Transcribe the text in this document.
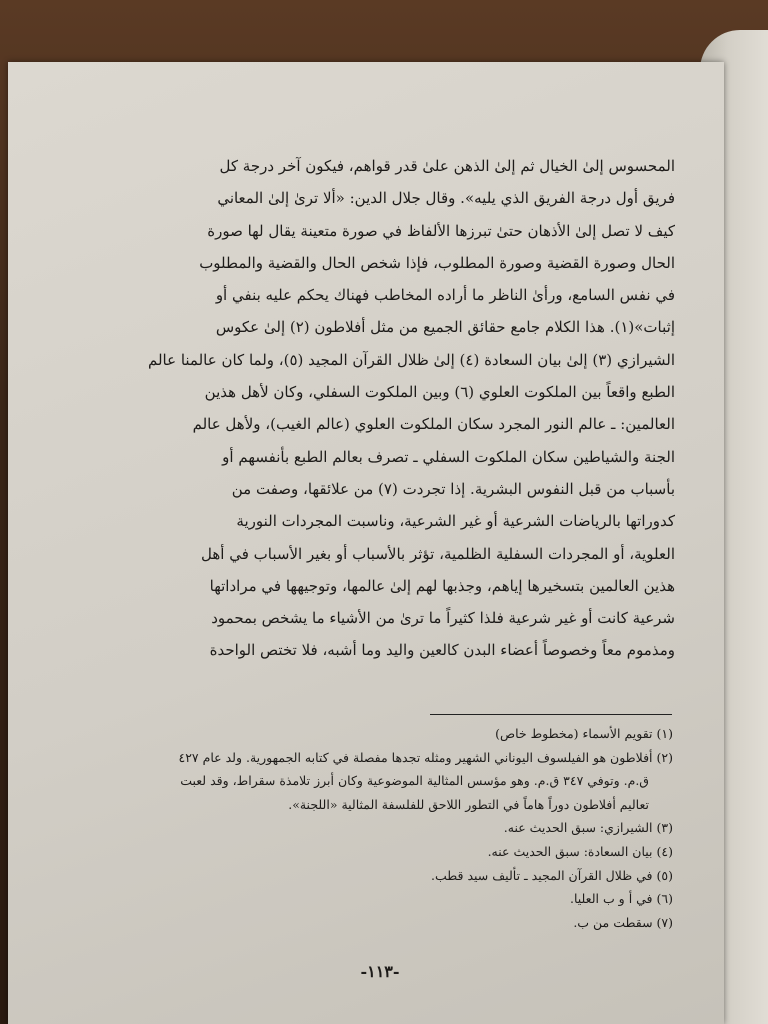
المحسوس إلىٰ الخيال ثم إلىٰ الذهن علىٰ قدر قواهم، فيكون آخر درجة كل
فريق أول درجة الفريق الذي يليه». وقال جلال الدين: «ألا ترىٰ إلىٰ المعاني
كيف لا تصل إلىٰ الأذهان حتىٰ تبرزها الألفاظ في صورة متعينة يقال لها صورة
الحال وصورة القضية وصورة المطلوب، فإذا شخص الحال والقضية والمطلوب
في نفس السامع، ورأىٰ الناظر ما أراده المخاطب فهناك يحكم عليه بنفي أو
إثبات»(١). هذا الكلام جامع حقائق الجميع من مثل أفلاطون (٢) إلىٰ عكوس
الشيرازي (٣) إلىٰ بيان السعادة (٤) إلىٰ ظلال القرآن المجيد (٥)، ولما كان عالمنا عالم
الطبع واقعاً بين الملكوت العلوي (٦) وبين الملكوت السفلي، وكان لأهل هذين
العالمين: ـ عالم النور المجرد سكان الملكوت العلوي (عالم الغيب)، ولأهل عالم
الجنة والشياطين سكان الملكوت السفلي ـ تصرف بعالم الطبع بأنفسهم أو
بأسباب من قبل النفوس البشرية. إذا تجردت (٧) من علائقها، وصفت من
كدوراتها بالرياضات الشرعية أو غير الشرعية، وناسبت المجردات النورية
العلوية، أو المجردات السفلية الظلمية، تؤثر بالأسباب أو بغير الأسباب في أهل
هذين العالمين بتسخيرها إياهم، وجذبها لهم إلىٰ عالمها، وتوجيهها في مراداتها
شرعية كانت أو غير شرعية فلذا كثيراً ما ترىٰ من الأشياء ما يشخص بمحمود
ومذموم معاً وخصوصاً أعضاء البدن كالعين واليد وما أشبه، فلا تختص الواحدة
(١) تقويم الأسماء (مخطوط خاص)
(٢) أفلاطون هو الفيلسوف اليوناني الشهير ومثله تجدها مفصلة في كتابه الجمهورية. ولد عام ٤٢٧
ق.م. وتوفي ٣٤٧ ق.م. وهو مؤسس المثالية الموضوعية وكان أبرز تلامذة سقراط، وقد لعبت
تعاليم أفلاطون دوراً هاماً في التطور اللاحق للفلسفة المثالية «اللجنة».
(٣) الشيرازي: سبق الحديث عنه.
(٤) بيان السعادة: سبق الحديث عنه.
(٥) في ظلال القرآن المجيد ـ تأليف سيد قطب.
(٦) في أ و ب العليا.
(٧) سقطت من ب.
-١١٣-
